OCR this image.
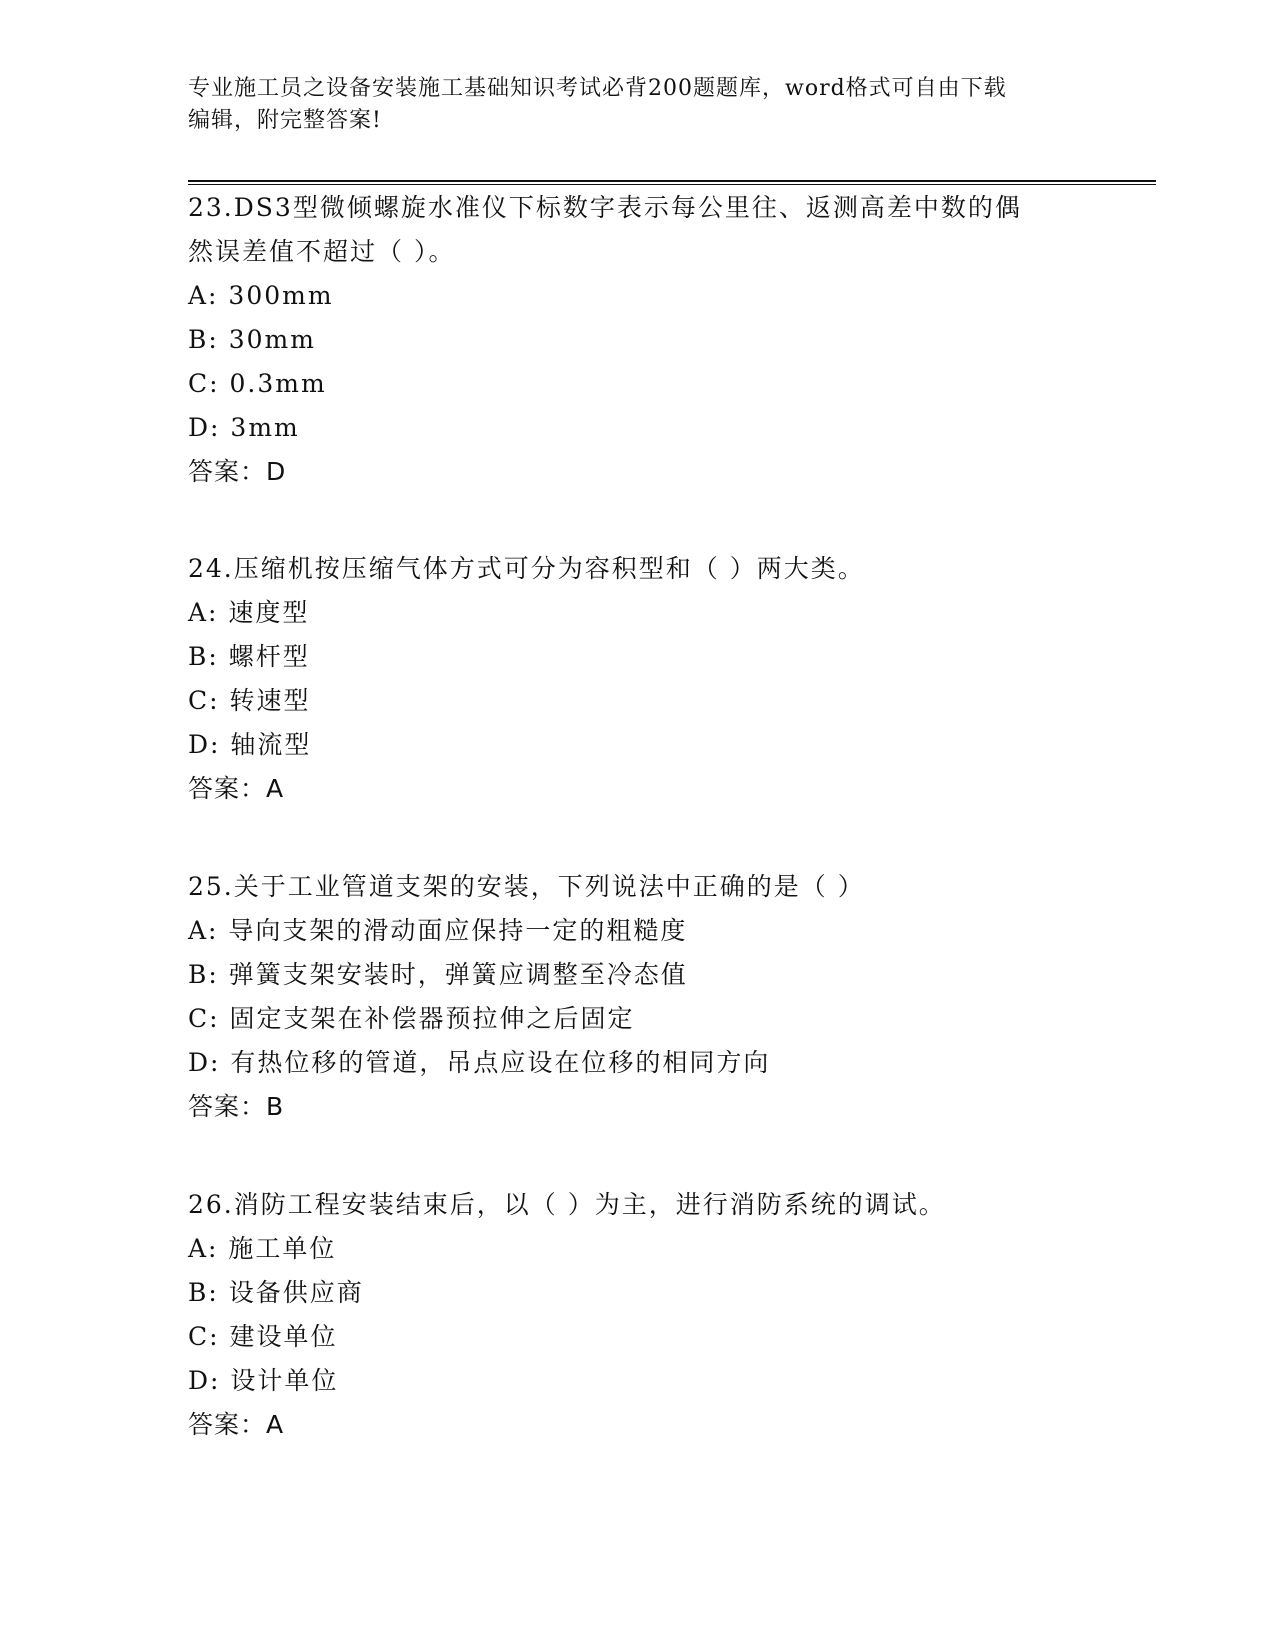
专业施工员之设备安装施工基础知识考试必背200题题库，word格式可自由下载
编辑，附完整答案!

23.DS3型微倾螺旋水准仪下标数字表示每公里往、返测高差中数的偶
然误差值不超过（ ）。

A: 300mm

B: 30mm

C: 0.3mm

D: 3mm

答案：D

24.压缩机按压缩气体方式可分为容积型和（ ）两大类。

A: 速度型

B: 螺杆型

C: 转速型

D: 轴流型

答案：A

25.关于工业管道支架的安装，下列说法中正确的是（ ）

A: 导向支架的滑动面应保持一定的粗糙度

B: 弹簧支架安装时，弹簧应调整至冷态值

C: 固定支架在补偿器预拉伸之后固定

D: 有热位移的管道，吊点应设在位移的相同方向

答案：B

26.消防工程安装结束后，以（ ）为主，进行消防系统的调试。

A: 施工单位

B: 设备供应商

C: 建设单位

D: 设计单位

答案：A
